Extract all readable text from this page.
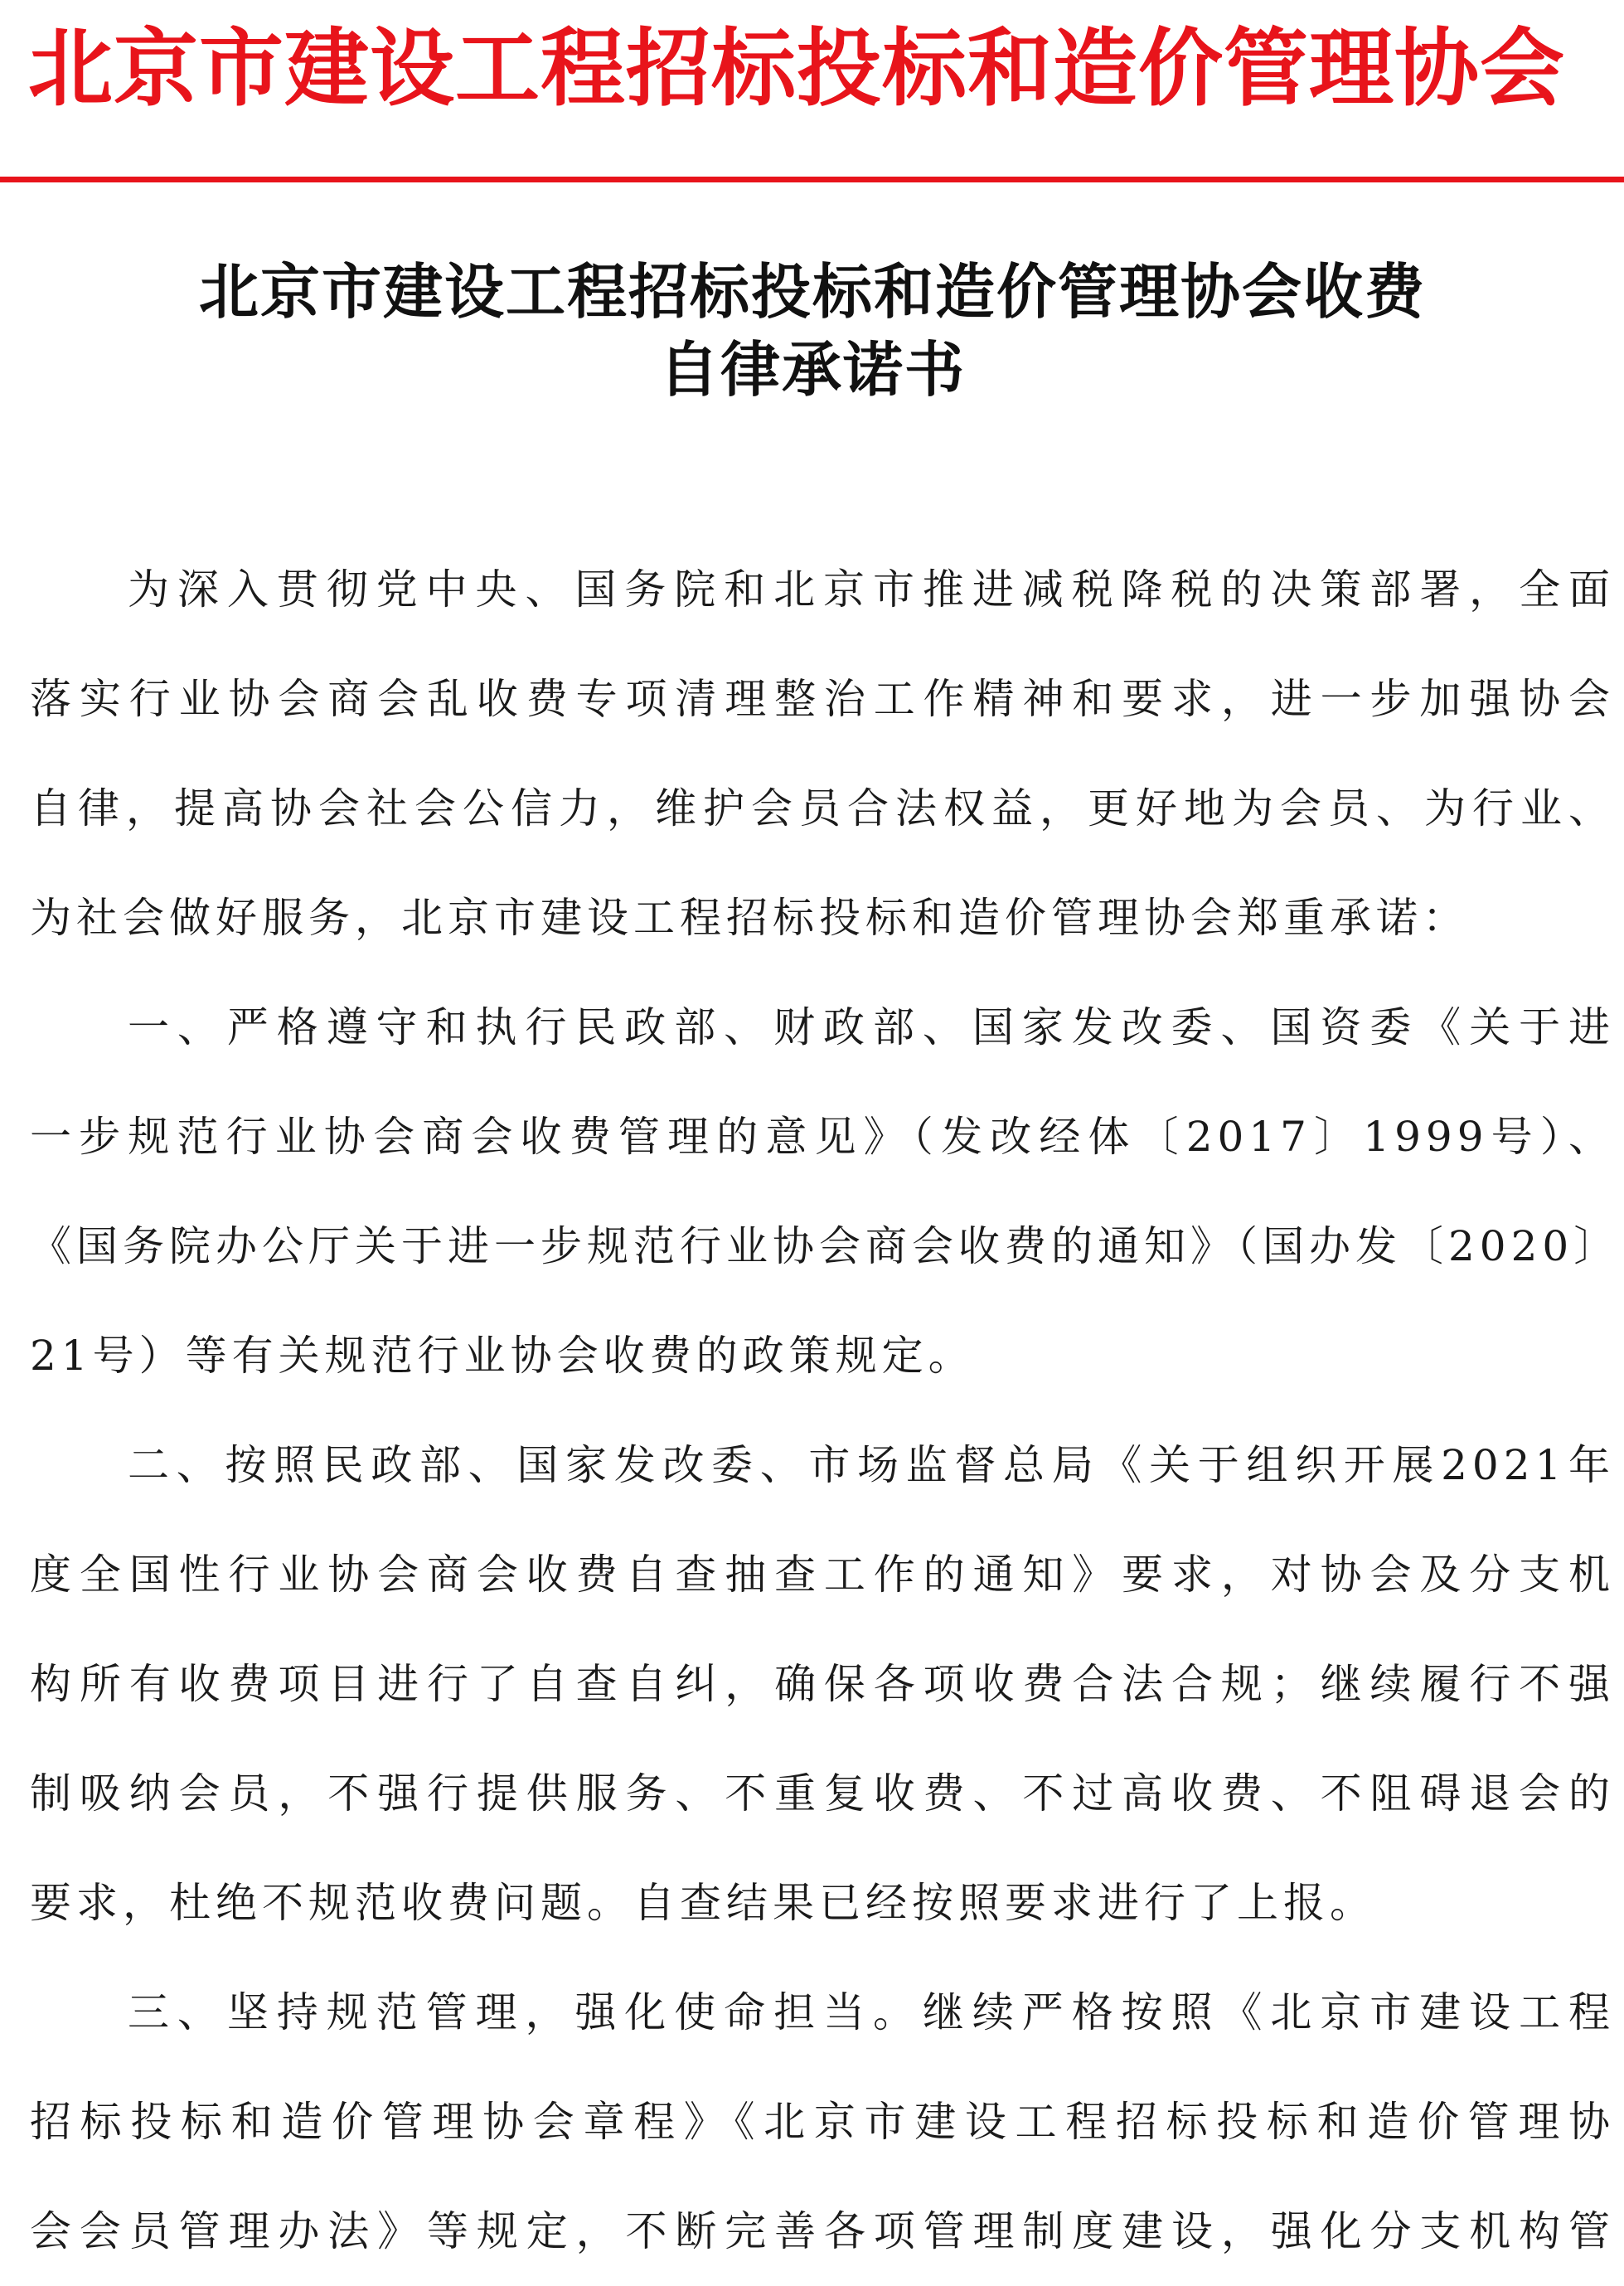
北京市建设工程招标投标和造价管理协会
北京市建设工程招标投标和造价管理协会收费
自律承诺书
为深入贯彻党中央、国务院和北京市推进减税降税的决策部署，全面
落实行业协会商会乱收费专项清理整治工作精神和要求，进一步加强协会
自律，提高协会社会公信力，维护会员合法权益，更好地为会员、为行业、
为社会做好服务，北京市建设工程招标投标和造价管理协会郑重承诺：
一、严格遵守和执行民政部、财政部、国家发改委、国资委《关于进
一步规范行业协会商会收费管理的意见》（发改经体〔2017〕1999号）、
《国务院办公厅关于进一步规范行业协会商会收费的通知》（国办发〔2020〕
21号）等有关规范行业协会收费的政策规定。
二、按照民政部、国家发改委、市场监督总局《关于组织开展2021年
度全国性行业协会商会收费自查抽查工作的通知》要求，对协会及分支机
构所有收费项目进行了自查自纠，确保各项收费合法合规；继续履行不强
制吸纳会员，不强行提供服务、不重复收费、不过高收费、不阻碍退会的
要求，杜绝不规范收费问题。自查结果已经按照要求进行了上报。
三、坚持规范管理，强化使命担当。继续严格按照《北京市建设工程
招标投标和造价管理协会章程》《北京市建设工程招标投标和造价管理协
会会员管理办法》等规定，不断完善各项管理制度建设，强化分支机构管
